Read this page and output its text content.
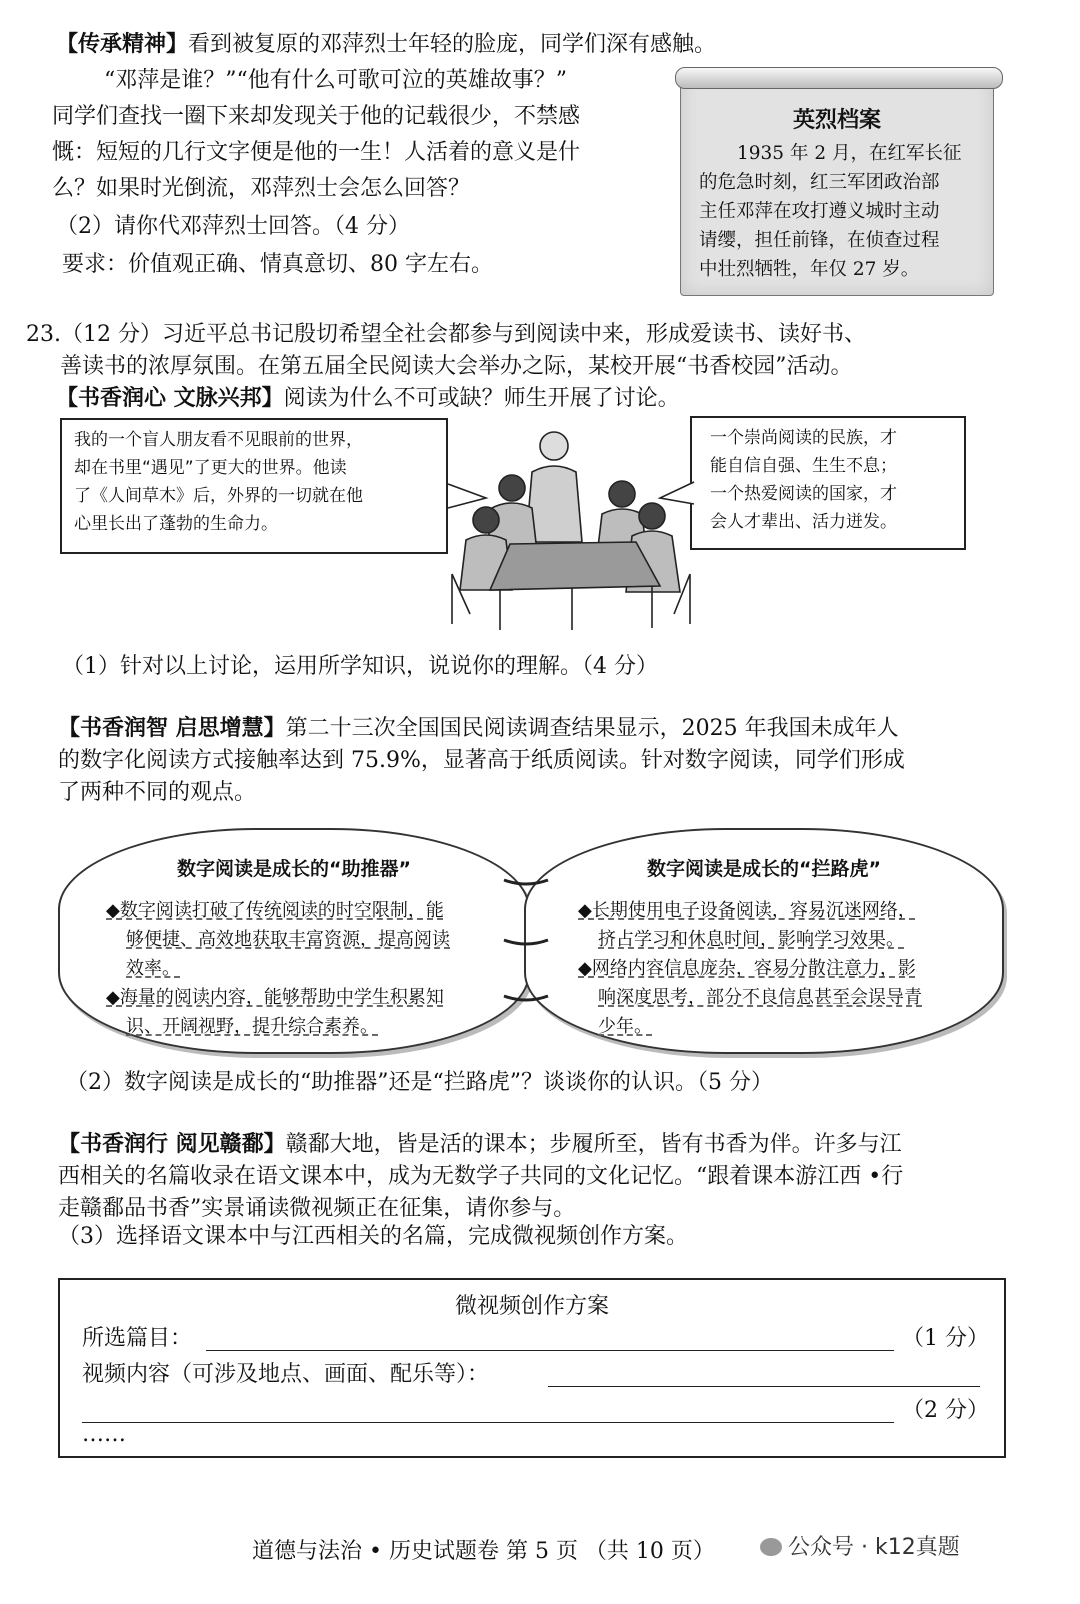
【传承精神】看到被复原的邓萍烈士年轻的脸庞，同学们深有感触。
“邓萍是谁？”“他有什么可歌可泣的英雄故事？”
同学们查找一圈下来却发现关于他的记载很少，不禁感
慨：短短的几行文字便是他的一生！人活着的意义是什
么？如果时光倒流，邓萍烈士会怎么回答？
（2）请你代邓萍烈士回答。（4 分）
要求：价值观正确、情真意切、80 字左右。
英烈档案
1935 年 2 月，在红军长征
的危急时刻，红三军团政治部
主任邓萍在攻打遵义城时主动
请缨，担任前锋，在侦查过程
中壮烈牺牲，年仅 27 岁。
23.（12 分）习近平总书记殷切希望全社会都参与到阅读中来，形成爱读书、读好书、
善读书的浓厚氛围。在第五届全民阅读大会举办之际，某校开展“书香校园”活动。
【书香润心 文脉兴邦】阅读为什么不可或缺？师生开展了讨论。
我的一个盲人朋友看不见眼前的世界，
却在书里“遇见”了更大的世界。他读
了《人间草木》后，外界的一切就在他
心里长出了蓬勃的生命力。
一个崇尚阅读的民族，才
能自信自强、生生不息；
一个热爱阅读的国家，才
会人才辈出、活力迸发。
（1）针对以上讨论，运用所学知识，说说你的理解。（4 分）
【书香润智 启思增慧】第二十三次全国国民阅读调查结果显示，2025 年我国未成年人
的数字化阅读方式接触率达到 75.9%，显著高于纸质阅读。针对数字阅读，同学们形成
了两种不同的观点。
数字阅读是成长的“助推器”
◆数字阅读打破了传统阅读的时空限制，能
够便捷、高效地获取丰富资源，提高阅读
效率。
◆海量的阅读内容，能够帮助中学生积累知
识、开阔视野，提升综合素养。
数字阅读是成长的“拦路虎”
◆长期使用电子设备阅读，容易沉迷网络，
挤占学习和休息时间，影响学习效果。
◆网络内容信息庞杂，容易分散注意力，影
响深度思考，部分不良信息甚至会误导青
少年。
（2）数字阅读是成长的“助推器”还是“拦路虎”？谈谈你的认识。（5 分）
【书香润行 阅见赣鄱】赣鄱大地，皆是活的课本；步履所至，皆有书香为伴。许多与江
西相关的名篇收录在语文课本中，成为无数学子共同的文化记忆。“跟着课本游江西 •行
走赣鄱品书香”实景诵读微视频正在征集，请你参与。
（3）选择语文课本中与江西相关的名篇，完成微视频创作方案。
微视频创作方案
所选篇目：	（1 分）
视频内容（可涉及地点、画面、配乐等）：
（2 分）
……
道德与法治 • 历史试题卷 第 5 页 （共 10 页）	公众号 · k12真题
